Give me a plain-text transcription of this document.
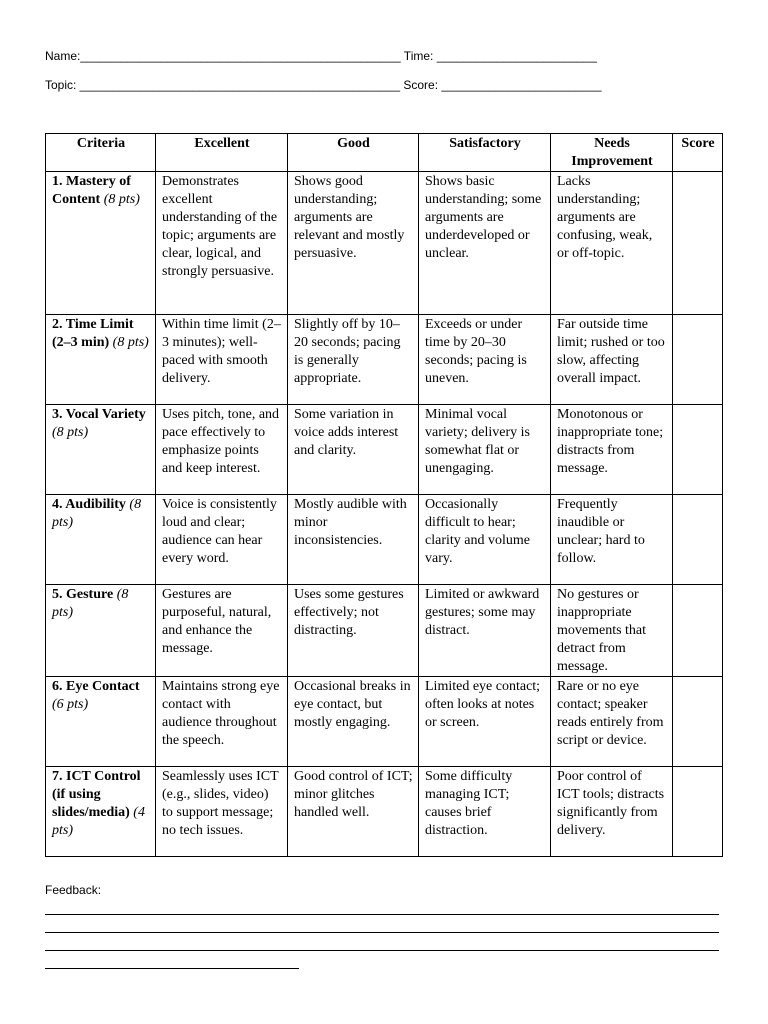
Name:________________________________________________ Time: ________________________
Topic: ________________________________________________ Score: ________________________
Criteria	Excellent	Good	Satisfactory	Needs Improvement	Score
1. Mastery of Content (8 pts)	Demonstrates excellent understanding of the topic; arguments are clear, logical, and strongly persuasive.	Shows good understanding; arguments are relevant and mostly persuasive.	Shows basic understanding; some arguments are underdeveloped or unclear.	Lacks understanding; arguments are confusing, weak, or off-topic.	
2. Time Limit (2–3 min) (8 pts)	Within time limit (2–3 minutes); well-paced with smooth delivery.	Slightly off by 10–20 seconds; pacing is generally appropriate.	Exceeds or under time by 20–30 seconds; pacing is uneven.	Far outside time limit; rushed or too slow, affecting overall impact.	
3. Vocal Variety (8 pts)	Uses pitch, tone, and pace effectively to emphasize points and keep interest.	Some variation in voice adds interest and clarity.	Minimal vocal variety; delivery is somewhat flat or unengaging.	Monotonous or inappropriate tone; distracts from message.	
4. Audibility (8 pts)	Voice is consistently loud and clear; audience can hear every word.	Mostly audible with minor inconsistencies.	Occasionally difficult to hear; clarity and volume vary.	Frequently inaudible or unclear; hard to follow.	
5. Gesture (8 pts)	Gestures are purposeful, natural, and enhance the message.	Uses some gestures effectively; not distracting.	Limited or awkward gestures; some may distract.	No gestures or inappropriate movements that detract from message.	
6. Eye Contact (6 pts)	Maintains strong eye contact with audience throughout the speech.	Occasional breaks in eye contact, but mostly engaging.	Limited eye contact; often looks at notes or screen.	Rare or no eye contact; speaker reads entirely from script or device.	
7. ICT Control (if using slides/media) (4 pts)	Seamlessly uses ICT (e.g., slides, video) to support message; no tech issues.	Good control of ICT; minor glitches handled well.	Some difficulty managing ICT; causes brief distraction.	Poor control of ICT tools; distracts significantly from delivery.	
Feedback:
